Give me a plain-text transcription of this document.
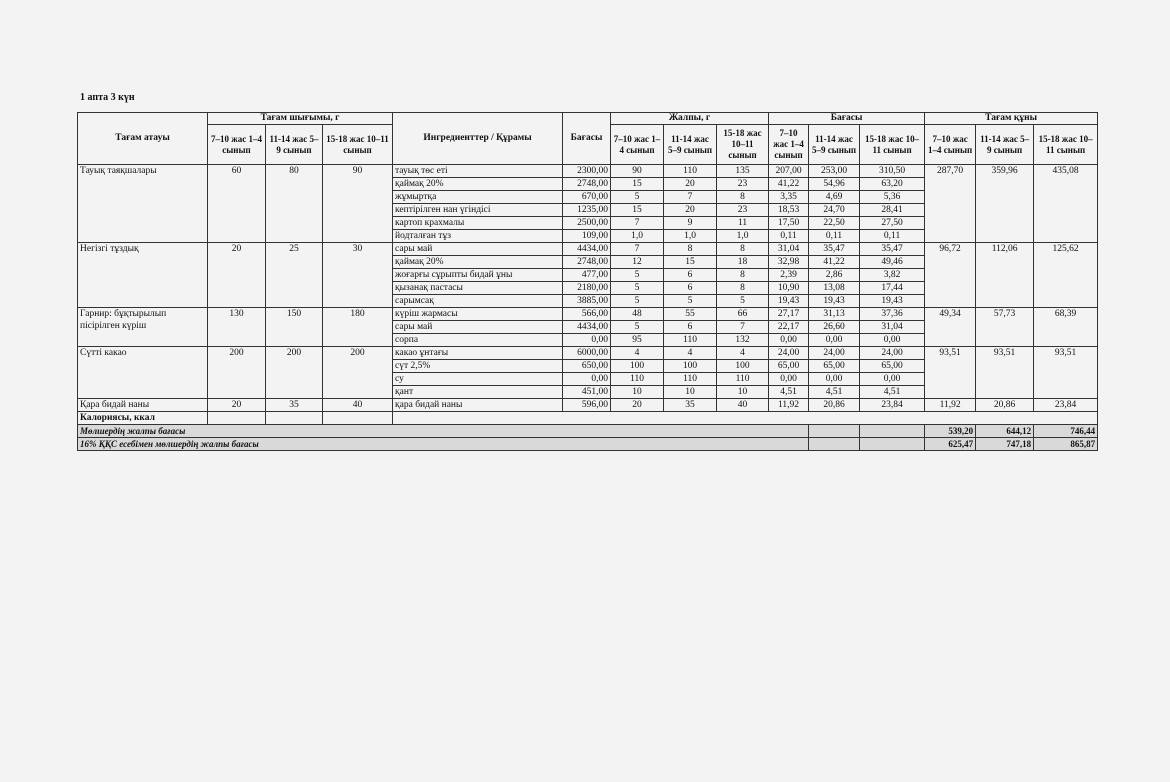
1 апта 3 күн
Тағам атауы	Тағам шығымы, г			Ингредиенттер / Құрамы	Бағасы	Жалпы, г			Бағасы			Тағам құны		
	7–10 жас 1–4 сынып	11-14 жас 5–9 сынып	15-18 жас 10–11 сынып			7–10 жас 1–4 сынып	11-14 жас 5–9 сынып	15-18 жас 10–11 сынып	7–10 жас 1–4 сынып	11-14 жас 5–9 сынып	15-18 жас 10–11 сынып	7–10 жас 1–4 сынып	11-14 жас 5–9 сынып	15-18 жас 10–11 сынып
Тауық таяқшалары	60	80	90	тауық төс еті	2300,00	90	110	135	207,00	253,00	310,50	287,70	359,96	435,08
				қаймақ 20%	2748,00	15	20	23	41,22	54,96	63,20			
				жұмыртқа	670,00	5	7	8	3,35	4,69	5,36			
				кептірілген нан үгіндісі	1235,00	15	20	23	18,53	24,70	28,41			
				картоп крахмалы	2500,00	7	9	11	17,50	22,50	27,50			
				йодталған тұз	109,00	1,0	1,0	1,0	0,11	0,11	0,11			
Негізгі тұздық	20	25	30	сары май	4434,00	7	8	8	31,04	35,47	35,47	96,72	112,06	125,62
				қаймақ 20%	2748,00	12	15	18	32,98	41,22	49,46			
				жоғарғы сұрыпты бидай ұны	477,00	5	6	8	2,39	2,86	3,82			
				қызанақ пастасы	2180,00	5	6	8	10,90	13,08	17,44			
				сарымсақ	3885,00	5	5	5	19,43	19,43	19,43			
Гарнир: бұқтырылып пісірілген күріш	130	150	180	күріш жармасы	566,00	48	55	66	27,17	31,13	37,36	49,34	57,73	68,39
				сары май	4434,00	5	6	7	22,17	26,60	31,04			
				сорпа	0,00	95	110	132	0,00	0,00	0,00			
Сүтті какао	200	200	200	какао ұнтағы	6000,00	4	4	4	24,00	24,00	24,00	93,51	93,51	93,51
				сүт 2,5%	650,00	100	100	100	65,00	65,00	65,00			
				су	0,00	110	110	110	0,00	0,00	0,00			
				қант	451,00	10	10	10	4,51	4,51	4,51			
Қара бидай наны	20	35	40	қара бидай наны	596,00	20	35	40	11,92	20,86	23,84	11,92	20,86	23,84
Калориясы, ккал														
Мөлшердің жалпы бағасы												539,20	644,12	746,44
16% ҚҚС есебімен мөлшердің жалпы бағасы												625,47	747,18	865,87
